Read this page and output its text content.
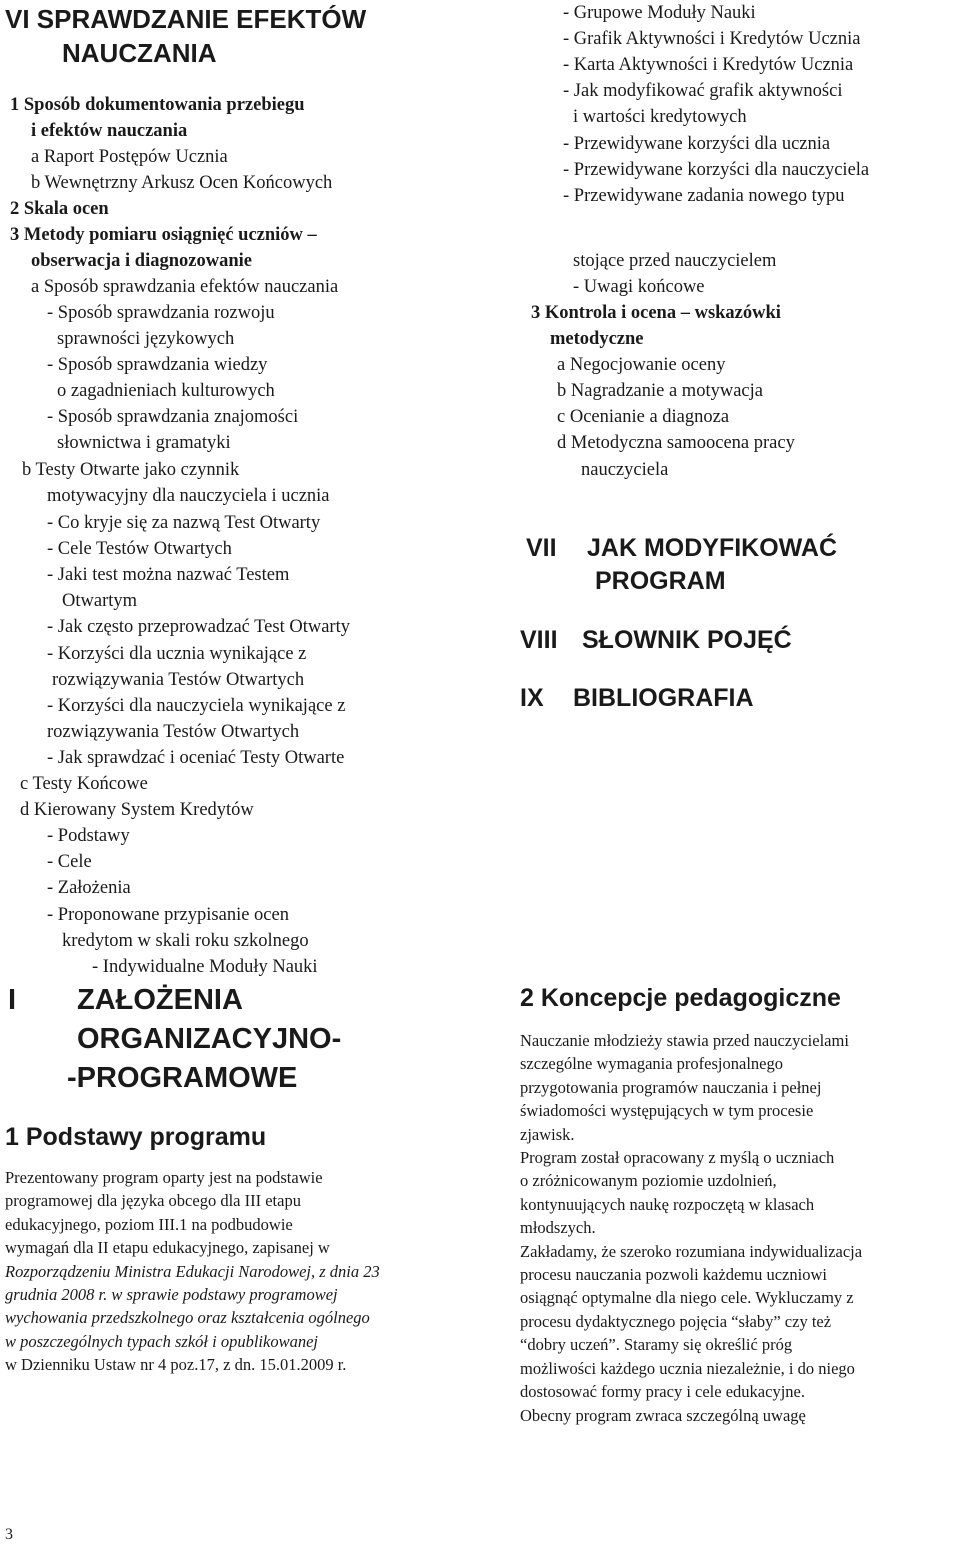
VI SPRAWDZANIE EFEKTÓW
NAUCZANIA
1 Sposób dokumentowania przebiegu
i efektów nauczania
a Raport Postępów Ucznia
b Wewnętrzny Arkusz Ocen Końcowych
2 Skala ocen
3 Metody pomiaru osiągnięć uczniów –
obserwacja i diagnozowanie
a Sposób sprawdzania efektów nauczania
- Sposób sprawdzania rozwoju
sprawności językowych
- Sposób sprawdzania wiedzy
o zagadnieniach kulturowych
- Sposób sprawdzania znajomości
słownictwa i gramatyki
b Testy Otwarte jako czynnik
motywacyjny dla nauczyciela i ucznia
- Co kryje się za nazwą Test Otwarty
- Cele Testów Otwartych
- Jaki test można nazwać Testem
Otwartym
- Jak często przeprowadzać Test Otwarty
- Korzyści dla ucznia wynikające z
rozwiązywania Testów Otwartych
- Korzyści dla nauczyciela wynikające z
rozwiązywania Testów Otwartych
- Jak sprawdzać i oceniać Testy Otwarte
c Testy Końcowe
d Kierowany System Kredytów
- Podstawy
- Cele
- Założenia
- Proponowane przypisanie ocen
kredytom w skali roku szkolnego
- Indywidualne Moduły Nauki
I ZAŁOŻENIA
ORGANIZACYJNO-
-PROGRAMOWE
1 Podstawy programu
Prezentowany program oparty jest na podstawie
programowej dla języka obcego dla III etapu
edukacyjnego, poziom III.1 na podbudowie
wymagań dla II etapu edukacyjnego, zapisanej w
Rozporządzeniu Ministra Edukacji Narodowej, z dnia 23
grudnia 2008 r. w sprawie podstawy programowej
wychowania przedszkolnego oraz kształcenia ogólnego
w poszczególnych typach szkół i opublikowanej
w Dzienniku Ustaw nr 4 poz.17, z dn. 15.01.2009 r.
- Grupowe Moduły Nauki
- Grafik Aktywności i Kredytów Ucznia
- Karta Aktywności i Kredytów Ucznia
- Jak modyfikować grafik aktywności
i wartości kredytowych
- Przewidywane korzyści dla ucznia
- Przewidywane korzyści dla nauczyciela
- Przewidywane zadania nowego typu
stojące przed nauczycielem
- Uwagi końcowe
3 Kontrola i ocena – wskazówki
metodyczne
a Negocjowanie oceny
b Nagradzanie a motywacja
c Ocenianie a diagnoza
d Metodyczna samoocena pracy
nauczyciela
VII JAK MODYFIKOWAĆ
PROGRAM
VIII SŁOWNIK POJĘĆ
IX BIBLIOGRAFIA
2 Koncepcje pedagogiczne
Nauczanie młodzieży stawia przed nauczycielami
szczególne wymagania profesjonalnego
przygotowania programów nauczania i pełnej
świadomości występujących w tym procesie
zjawisk.
Program został opracowany z myślą o uczniach
o zróżnicowanym poziomie uzdolnień,
kontynuujących naukę rozpoczętą w klasach
młodszych.
Zakładamy, że szeroko rozumiana indywidualizacja
procesu nauczania pozwoli każdemu uczniowi
osiągnąć optymalne dla niego cele. Wykluczamy z
procesu dydaktycznego pojęcia “słaby” czy też
“dobry uczeń”. Staramy się określić próg
możliwości każdego ucznia niezależnie, i do niego
dostosować formy pracy i cele edukacyjne.
Obecny program zwraca szczególną uwagę
3
